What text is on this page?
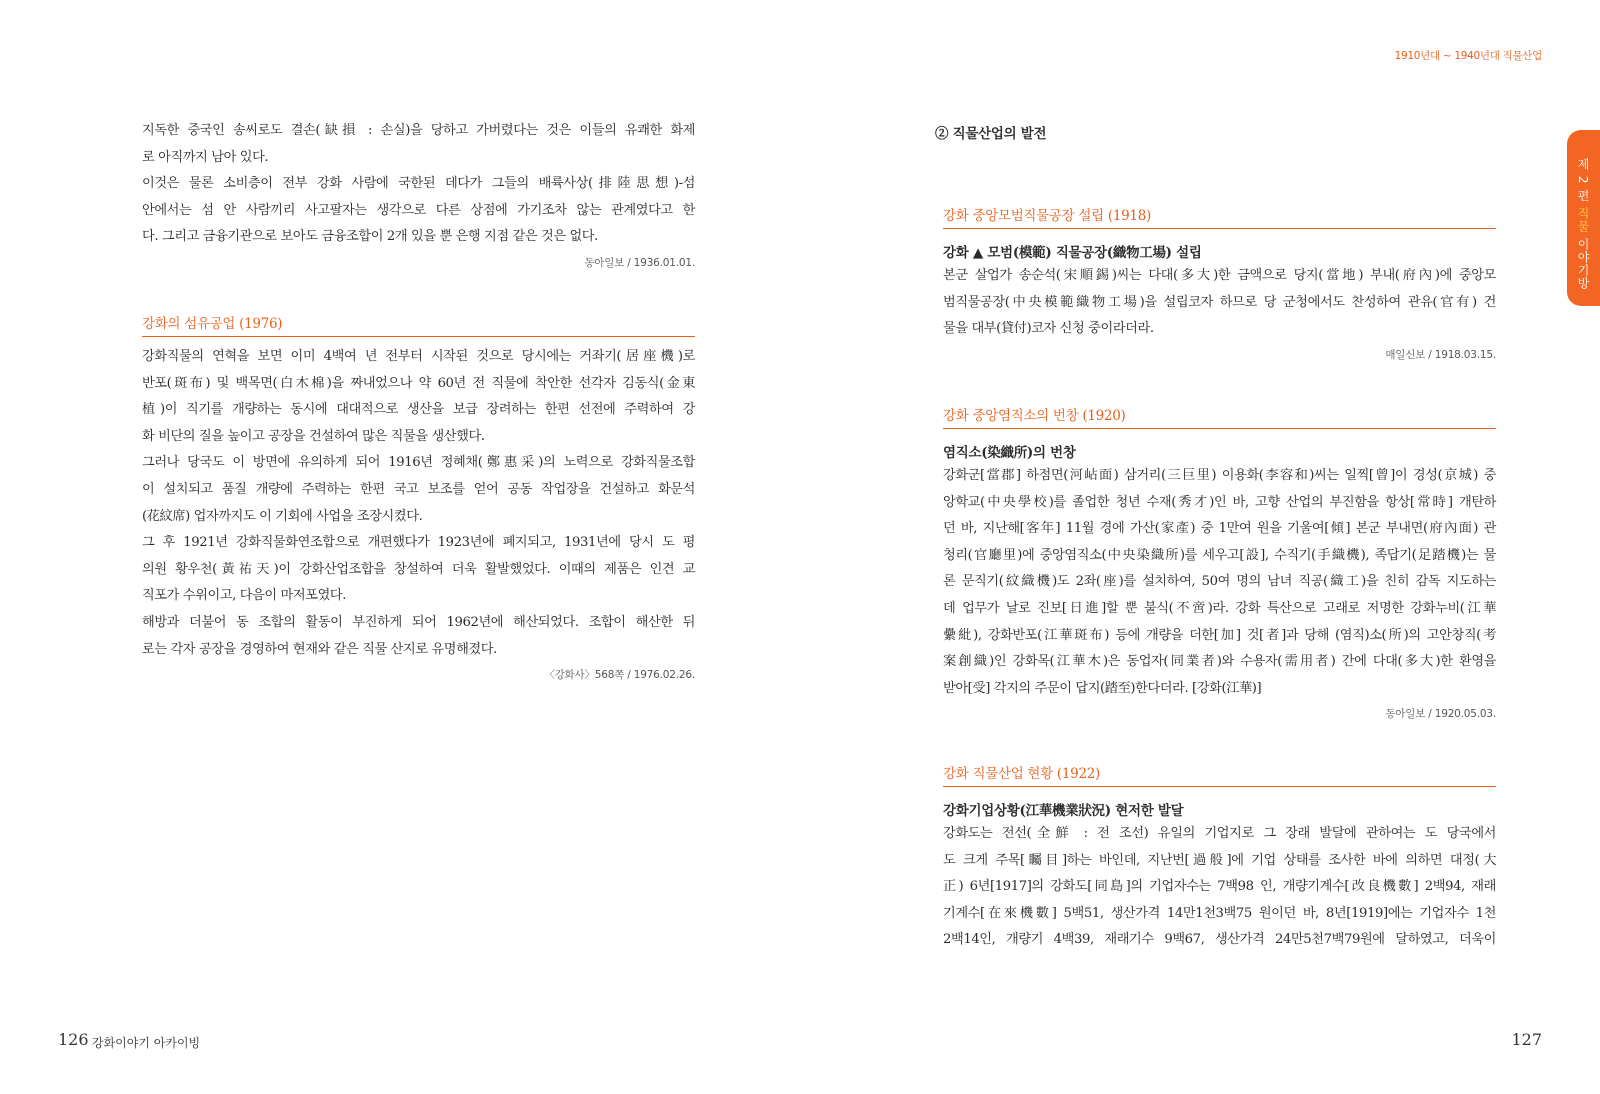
지독한 중국인 송씨로도 결손(缺損 : 손실)을 당하고 가버렸다는 것은 이들의 유쾌한 화제
로 아직까지 남아 있다.
이것은 물론 소비층이 전부 강화 사람에 국한된 데다가 그들의 배륙사상(排陸思想)-섬
안에서는 섬 안 사람끼리 사고팔자는 생각으로 다른 상점에 가기조차 않는 관계였다고 한
다. 그리고 금융기관으로 보아도 금융조합이 2개 있을 뿐 은행 지점 같은 것은 없다.

동아일보 / 1936.01.01.
강화의 섬유공업 (1976)

강화직물의 연혁을 보면 이미 4백여 년 전부터 시작된 것으로 당시에는 거좌기(居座機)로
반포(斑布) 및 백목면(白木棉)을 짜내었으나 약 60년 전 직물에 착안한 선각자 김동식(金東
植)이 직기를 개량하는 동시에 대대적으로 생산을 보급 장려하는 한편 선전에 주력하여 강
화 비단의 질을 높이고 공장을 건설하여 많은 직물을 생산했다.
그러나 당국도 이 방면에 유의하게 되어 1916년 정혜채(鄭惠采)의 노력으로 강화직물조합
이 설치되고 품질 개량에 주력하는 한편 국고 보조를 얻어 공동 작업장을 건설하고 화문석
(花紋席) 업자까지도 이 기회에 사업을 조장시켰다.
그 후 1921년 강화직물화연조합으로 개편했다가 1923년에 폐지되고, 1931년에 당시 도 평
의원 황우천(黃祐天)이 강화산업조합을 창설하여 더욱 활발했었다. 이때의 제품은 인견 교
직포가 수위이고, 다음이 마저포였다.
해방과 더불어 동 조합의 활동이 부진하게 되어 1962년에 해산되었다. 조합이 해산한 뒤
로는 각자 공장을 경영하여 현재와 같은 직물 산지로 유명해졌다.

〈강화사〉568쪽 / 1976.02.26.
126 강화이야기 아카이빙
1910년대 ~ 1940년대 직물산업
제 2 편 직물 이야기방
② 직물산업의 발전
강화 중앙모범직물공장 설립 (1918)
강화 ▲ 모범(模範) 직물공장(織物工場) 설립

본군 살업가 송순석(宋順錫)씨는 다대(多大)한 금액으로 당지(當地) 부내(府內)에 중앙모
범직물공장(中央模範織物工場)을 설립코자 하므로 당 군청에서도 찬성하여 관유(官有) 건
물을 대부(貸付)코자 신청 중이라더라.

매일신보 / 1918.03.15.
강화 중앙염직소의 번창 (1920)
염직소(染織所)의 번창

강화군[當郡] 하점면(河岾面) 삼거리(三巨里) 이용화(李容和)씨는 일찍[曾]이 경성(京城) 중
앙학교(中央學校)를 졸업한 청년 수재(秀才)인 바, 고향 산업의 부진함을 항상[常時] 개탄하
던 바, 지난해[客年] 11월 경에 가산(家產) 중 1만여 원을 기울여[傾] 본군 부내면(府內面) 관
청리(官廳里)에 중앙염직소(中央染織所)를 세우고[設], 수직기(手織機), 족답기(足踏機)는 물
론 문직기(紋織機)도 2좌(座)를 설치하여, 50여 명의 남녀 직공(織工)을 친히 감독 지도하는
데 업무가 날로 진보[日進]할 뿐 불식(不啻)라. 강화 특산으로 고래로 저명한 강화누비(江華
纍紕), 강화반포(江華斑布) 등에 개량을 더한[加] 것[者]과 당해 (염직)소(所)의 고안창직(考
案創織)인 강화목(江華木)은 동업자(同業者)와 수용자(需用者) 간에 다대(多大)한 환영을
받아[受] 각지의 주문이 답지(踏至)한다더라. [강화(江華)]

동아일보 / 1920.05.03.
강화 직물산업 현황 (1922)
강화기업상황(江華機業狀況) 현저한 발달

강화도는 전선(全鮮 : 전 조선) 유일의 기업지로 그 장래 발달에 관하여는 도 당국에서
도 크게 주목[矚目]하는 바인데, 지난번[過般]에 기업 상태를 조사한 바에 의하면 대정(大
正) 6년[1917]의 강화도[同島]의 기업자수는 7백98 인, 개량기계수[改良機數] 2백94, 재래
기계수[在來機數] 5백51, 생산가격 14만1천3백75 원이던 바, 8년[1919]에는 기업자수 1천
2백14인, 개량기 4백39, 재래기수 9백67, 생산가격 24만5천7백79원에 달하였고, 더욱이

127
